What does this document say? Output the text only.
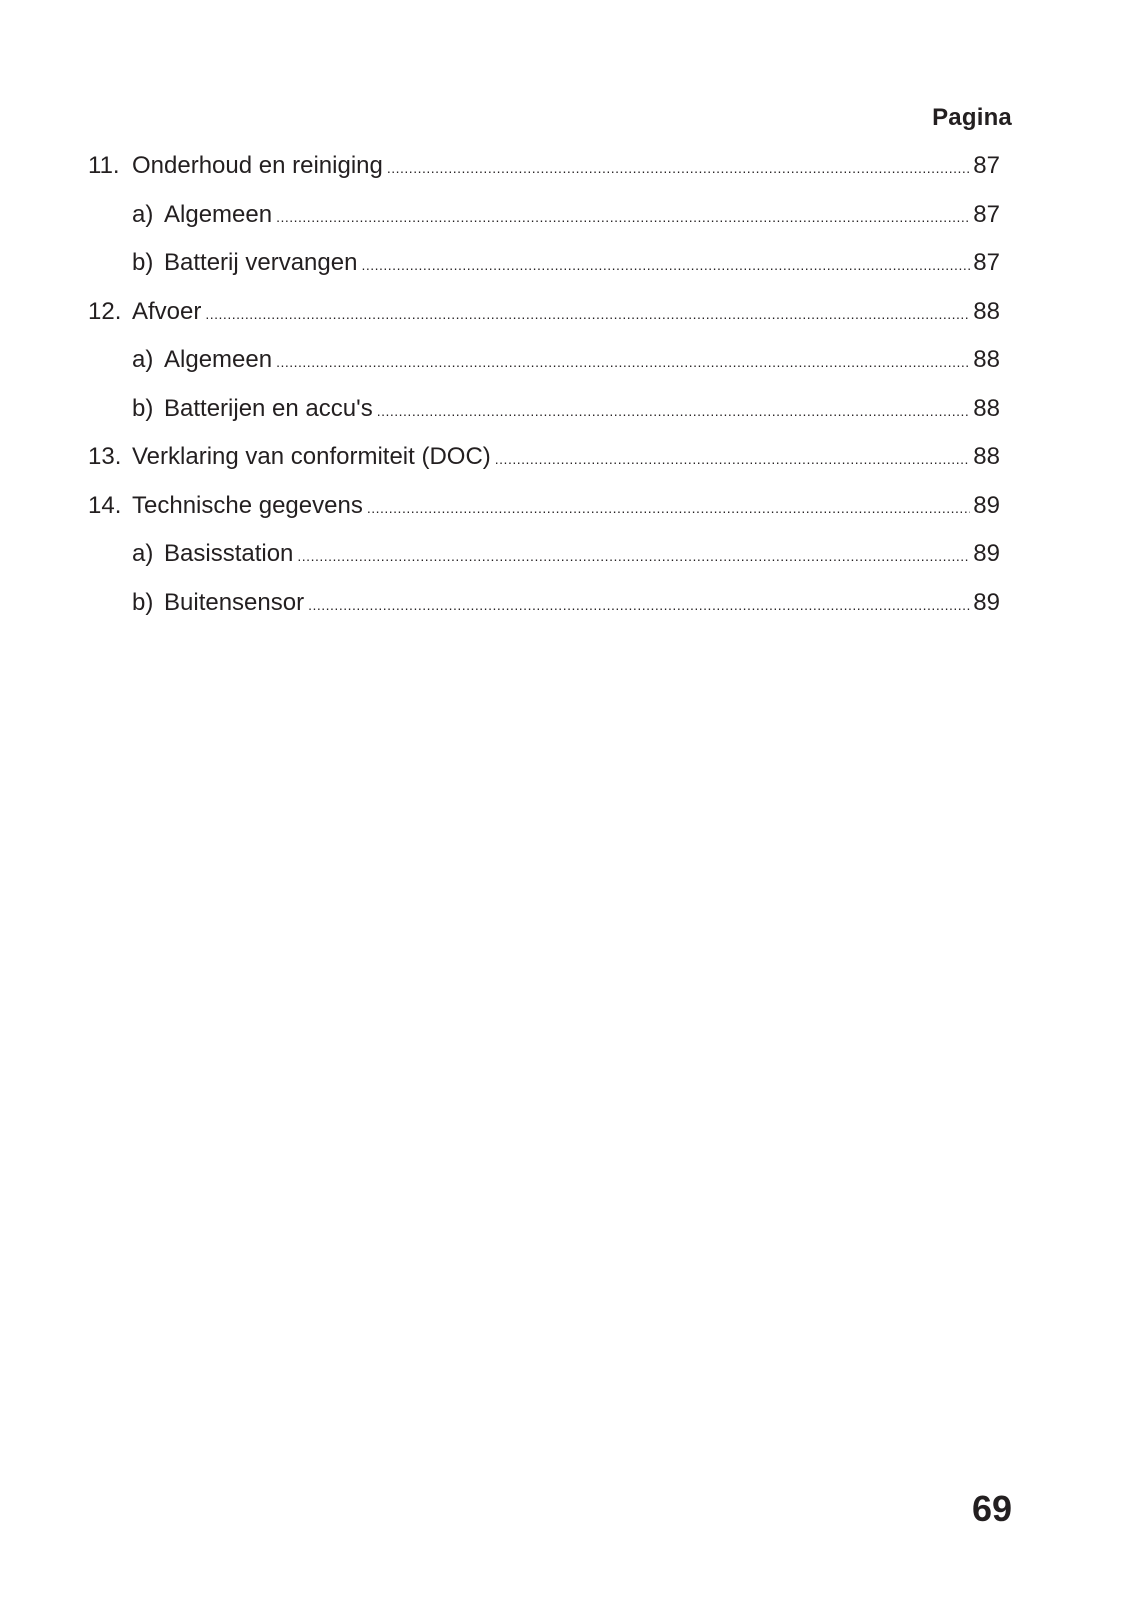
Pagina
11. Onderhoud en reiniging .....	87
a) Algemeen .....	87
b) Batterij vervangen .....	87
12. Afvoer .....	88
a) Algemeen .....	88
b) Batterijen en accu's .....	88
13. Verklaring van conformiteit (DOC) .....	88
14. Technische gegevens .....	89
a) Basisstation .....	89
b) Buitensensor .....	89
69
